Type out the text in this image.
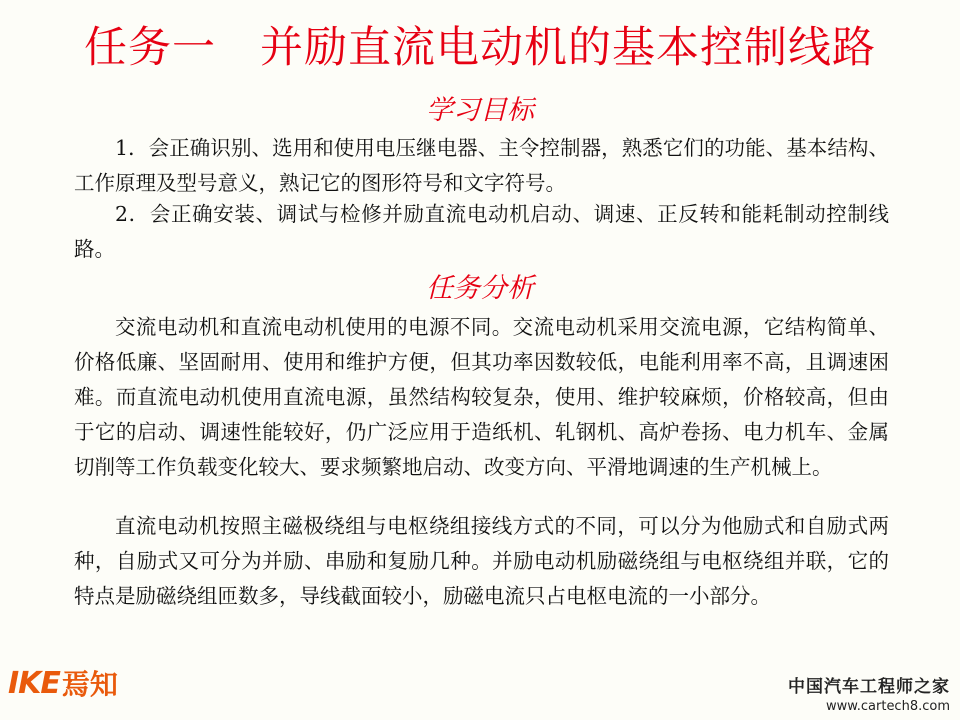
任务一　并励直流电动机的基本控制线路
学习目标

1．会正确识别、选用和使用电压继电器、主令控制器，熟悉它们的功能、基本结构、工作原理及型号意义，熟记它的图形符号和文字符号。

2．会正确安装、调试与检修并励直流电动机启动、调速、正反转和能耗制动控制线路。

任务分析

交流电动机和直流电动机使用的电源不同。交流电动机采用交流电源，它结构简单、价格低廉、坚固耐用、使用和维护方便，但其功率因数较低，电能利用率不高，且调速困难。而直流电动机使用直流电源，虽然结构较复杂，使用、维护较麻烦，价格较高，但由于它的启动、调速性能较好，仍广泛应用于造纸机、轧钢机、高炉卷扬、电力机车、金属切削等工作负载变化较大、要求频繁地启动、改变方向、平滑地调速的生产机械上。

直流电动机按照主磁极绕组与电枢绕组接线方式的不同，可以分为他励式和自励式两种，自励式又可分为并励、串励和复励几种。并励电动机励磁绕组与电枢绕组并联，它的特点是励磁绕组匝数多，导线截面较小，励磁电流只占电枢电流的一小部分。

IKE 焉知	中国汽车工程师之家
www.cartech8.com
